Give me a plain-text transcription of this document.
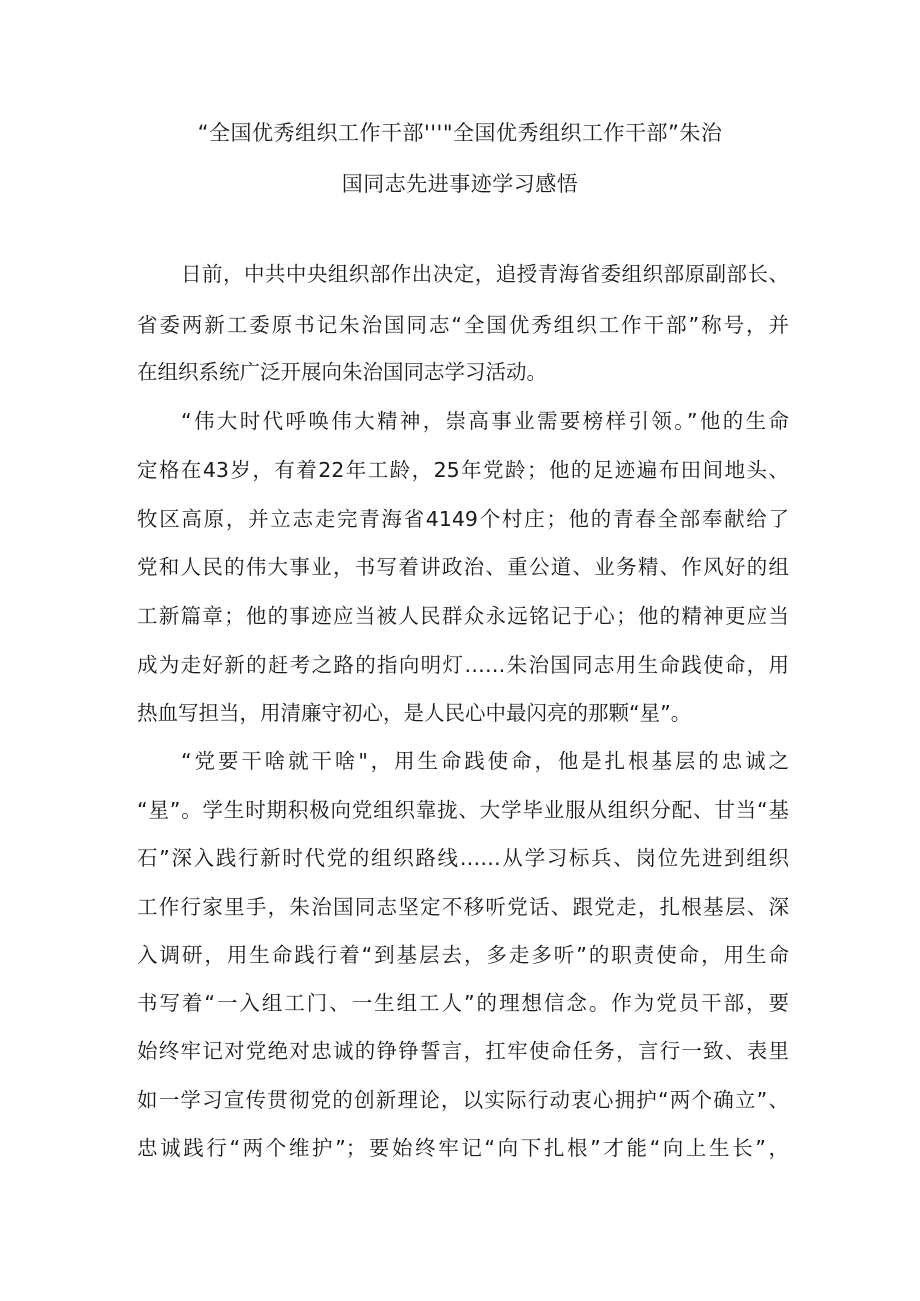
“全国优秀组织工作干部'''"全国优秀组织工作干部”朱治
国同志先进事迹学习感悟
日前，中共中央组织部作出决定，追授青海省委组织部原副部长、
省委两新工委原书记朱治国同志“全国优秀组织工作干部”称号，并
在组织系统广泛开展向朱治国同志学习活动。
“伟大时代呼唤伟大精神，崇高事业需要榜样引领。”他的生命
定格在43岁，有着22年工龄，25年党龄；他的足迹遍布田间地头、
牧区高原，并立志走完青海省4149个村庄；他的青春全部奉献给了
党和人民的伟大事业，书写着讲政治、重公道、业务精、作风好的组
工新篇章；他的事迹应当被人民群众永远铭记于心；他的精神更应当
成为走好新的赶考之路的指向明灯……朱治国同志用生命践使命，用
热血写担当，用清廉守初心，是人民心中最闪亮的那颗“星”。
“党要干啥就干啥"，用生命践使命，他是扎根基层的忠诚之
“星”。学生时期积极向党组织靠拢、大学毕业服从组织分配、甘当“基
石”深入践行新时代党的组织路线……从学习标兵、岗位先进到组织
工作行家里手，朱治国同志坚定不移听党话、跟党走，扎根基层、深
入调研，用生命践行着“到基层去，多走多听”的职责使命，用生命
书写着“一入组工门、一生组工人”的理想信念。作为党员干部，要
始终牢记对党绝对忠诚的铮铮誓言，扛牢使命任务，言行一致、表里
如一学习宣传贯彻党的创新理论，以实际行动衷心拥护“两个确立”、
忠诚践行“两个维护”；要始终牢记“向下扎根”才能“向上生长”，
